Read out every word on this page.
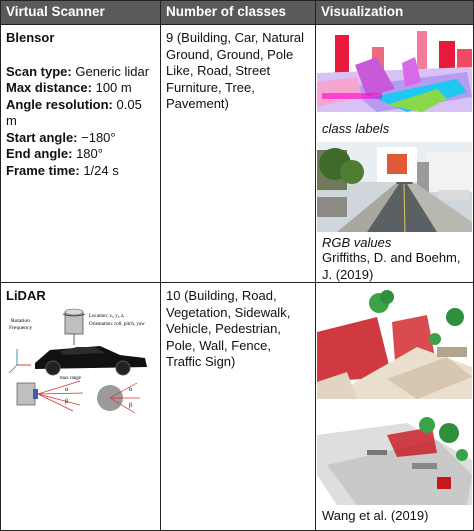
Virtual Scanner	Number of classes	Visualization
Blensor
Scan type: Generic lidar
Max distance: 100 m
Angle resolution: 0.05 m
Start angle: −180°
End angle: 180°
Frame time: 1/24 s
9 (Building, Car, Natural Ground, Ground, Pole Like, Road, Street Furniture, Tree, Pavement)
class labels
RGB values
Griffiths, D. and Boehm, J. (2019)
LiDAR
Rotation
Frequency
Location: xᵢ, yᵢ, zᵢ
Orientation: roll, pitch, yaw
max range
α
β
α
β
10 (Building, Road, Vegetation, Sidewalk, Vehicle, Pedestrian, Pole, Wall, Fence, Traffic Sign)
Wang et al. (2019)
